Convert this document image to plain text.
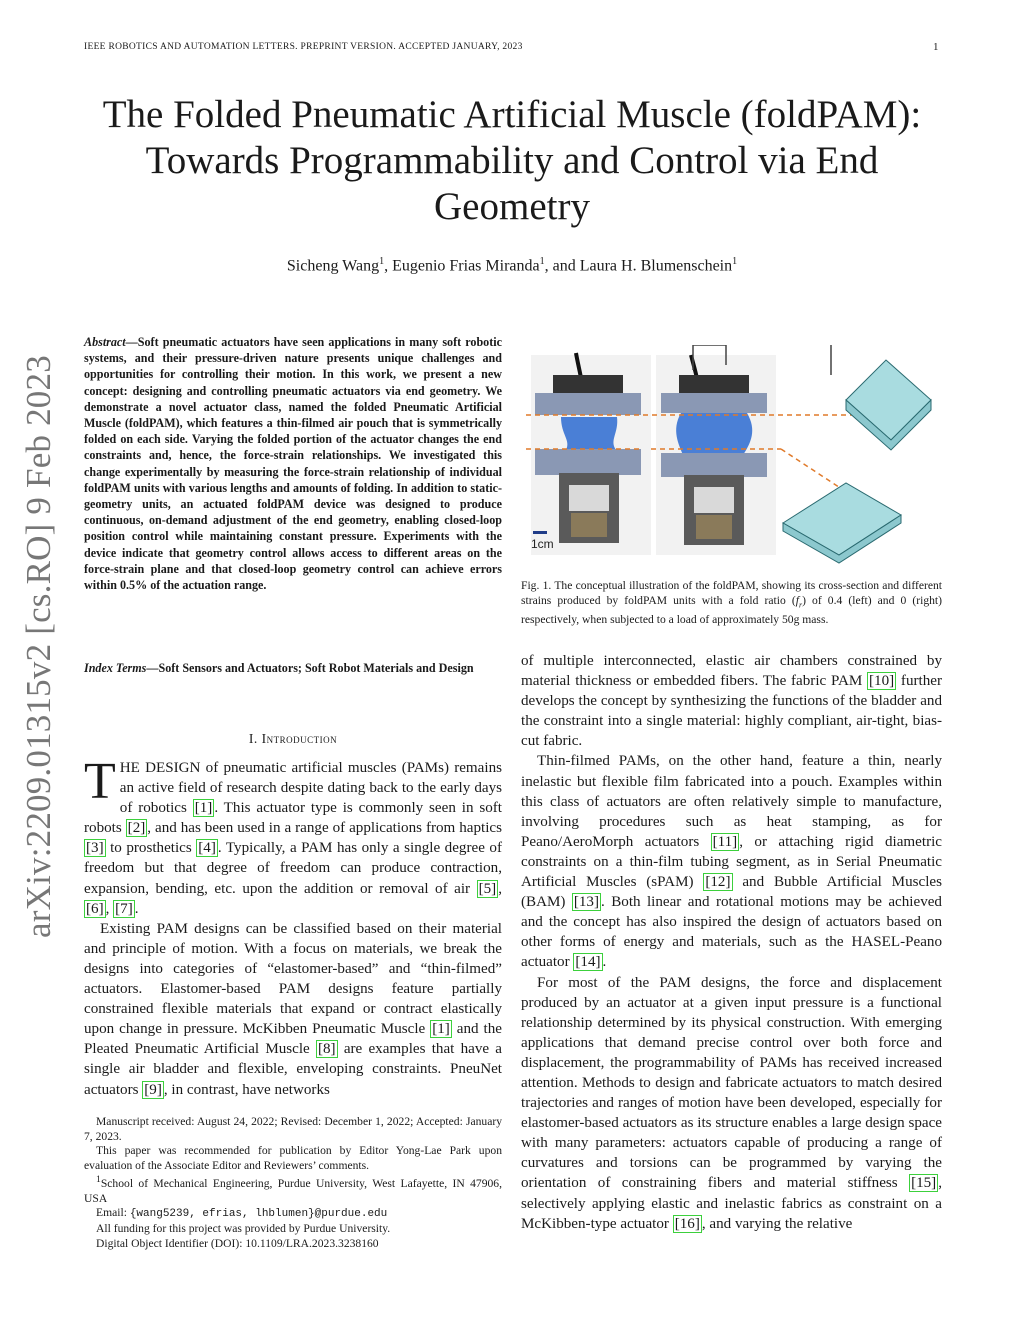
IEEE ROBOTICS AND AUTOMATION LETTERS. PREPRINT VERSION. ACCEPTED JANUARY, 2023	1
The Folded Pneumatic Artificial Muscle (foldPAM):
Towards Programmability and Control via End
Geometry
Sicheng Wang$^1$, Eugenio Frias Miranda$^1$, and Laura H. Blumenschein$^1$
arXiv:2209.01315v2 [cs.RO] 9 Feb 2023
Abstract—Soft pneumatic actuators have seen applications in many soft robotic systems, and their pressure-driven nature presents unique challenges and opportunities for controlling their motion. In this work, we present a new concept: designing and controlling pneumatic actuators via end geometry. We demonstrate a novel actuator class, named the folded Pneumatic Artificial Muscle (foldPAM), which features a thin-filmed air pouch that is symmetrically folded on each side. Varying the folded portion of the actuator changes the end constraints and, hence, the force-strain relationships. We investigated this change experimentally by measuring the force-strain relationship of individual foldPAM units with various lengths and amounts of folding. In addition to static-geometry units, an actuated foldPAM device was designed to produce continuous, on-demand adjustment of the end geometry, enabling closed-loop position control while maintaining constant pressure. Experiments with the device indicate that geometry control allows access to different areas on the force-strain plane and that closed-loop geometry control can achieve errors within 0.5% of the actuation range.
Index Terms—Soft Sensors and Actuators; Soft Robot Materials and Design
I. Introduction

THE DESIGN of pneumatic artificial muscles (PAMs) remains an active field of research despite dating back to the early days of robotics [1] . This actuator type is commonly seen in soft robots [2] , and has been used in a range of applications from haptics [3] to prosthetics [4] . Typically, a PAM has only a single degree of freedom but that degree of freedom can produce contraction, expansion, bending, etc. upon the addition or removal of air [5] , [6] , [7] .

Existing PAM designs can be classified based on their material and principle of motion. With a focus on materials, we break the designs into categories of “elastomer-based” and “thin-filmed” actuators. Elastomer-based PAM designs feature partially constrained flexible materials that expand or contract elastically upon change in pressure. McKibben Pneumatic Muscle [1] and the Pleated Pneumatic Artificial Muscle [8] are examples that have a single air bladder and flexible, enveloping constraints. PneuNet actuators [9] , in contrast, have networks

Manuscript received: August 24, 2022; Revised: December 1, 2022; Accepted: January 7, 2023.

This paper was recommended for publication by Editor Yong-Lae Park upon evaluation of the Associate Editor and Reviewers’ comments.

$^1$School of Mechanical Engineering, Purdue University, West Lafayette, IN 47906, USA

Email: {wang5239, efrias, lhblumen}@purdue.edu

All funding for this project was provided by Purdue University.

Digital Object Identifier (DOI): 10.1109/LRA.2023.3238160

1cm
Fig. 1. The conceptual illustration of the foldPAM, showing its cross-section and different strains produced by foldPAM units with a fold ratio $(f_r)$ of 0.4 (left) and 0 (right) respectively, when subjected to a load of approximately 50g mass.

of multiple interconnected, elastic air chambers constrained by material thickness or embedded fibers. The fabric PAM [10] further develops the concept by synthesizing the functions of the bladder and the constraint into a single material: highly compliant, air-tight, bias-cut fabric.

Thin-filmed PAMs, on the other hand, feature a thin, nearly inelastic but flexible film fabricated into a pouch. Examples within this class of actuators are often relatively simple to manufacture, involving procedures such as heat stamping, as for Peano/AeroMorph actuators [11] , or attaching rigid diametric constraints on a thin-film tubing segment, as in Serial Pneumatic Artificial Muscles (sPAM) [12] and Bubble Artificial Muscles (BAM) [13] . Both linear and rotational motions may be achieved and the concept has also inspired the design of actuators based on other forms of energy and materials, such as the HASEL-Peano actuator [14] .

For most of the PAM designs, the force and displacement produced by an actuator at a given input pressure is a functional relationship determined by its physical construction. With emerging applications that demand precise control over both force and displacement, the programmability of PAMs has received increased attention. Methods to design and fabricate actuators to match desired trajectories and ranges of motion have been developed, especially for elastomer-based actuators as its structure enables a large design space with many parameters: actuators capable of producing a range of curvatures and torsions can be programmed by varying the orientation of constraining fibers and material stiffness [15] , selectively applying elastic and inelastic fabrics as constraint on a McKibben-type actuator [16] , and varying the relative
